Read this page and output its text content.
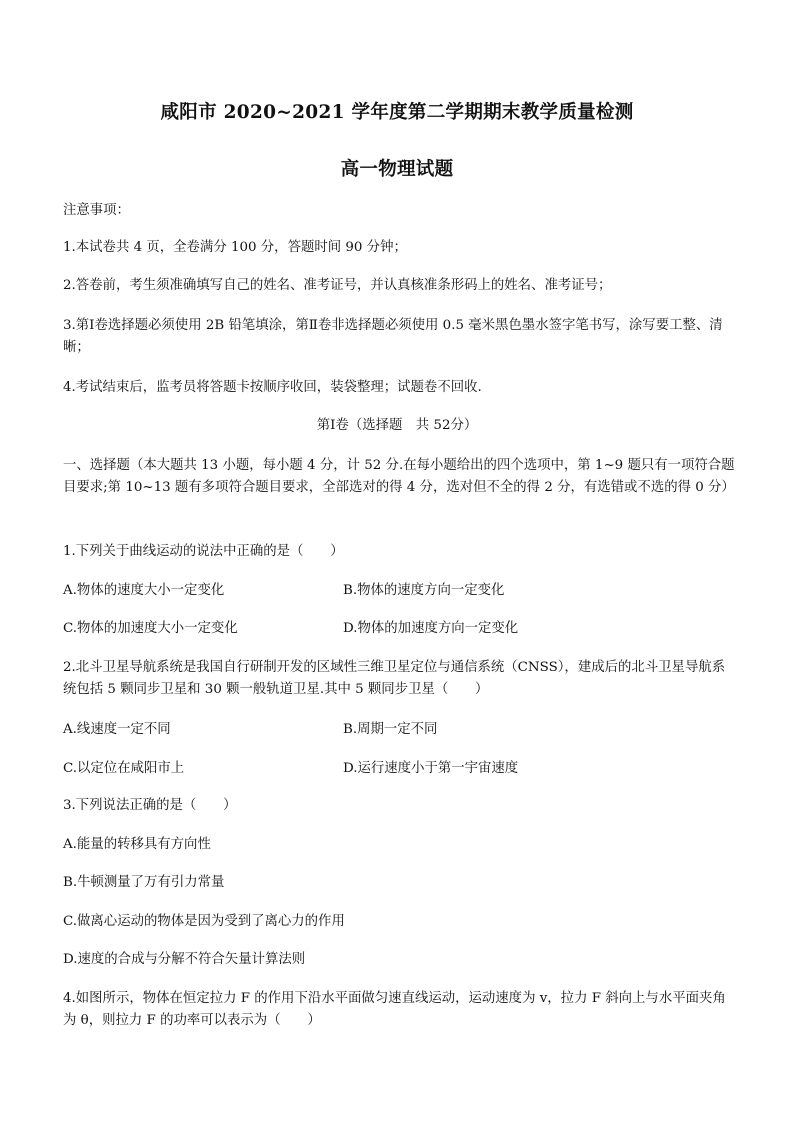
咸阳市 2020~2021 学年度第二学期期末教学质量检测
高一物理试题
注意事项：
1.本试卷共 4 页，全卷满分 100 分，答题时间 90 分钟；
2.答卷前，考生须准确填写自己的姓名、准考证号，并认真核准条形码上的姓名、准考证号；
3.第Ⅰ卷选择题必须使用 2B 铅笔填涂，第Ⅱ卷非选择题必须使用 0.5 毫米黑色墨水签字笔书写，涂写要工整、清晰；
4.考试结束后，监考员将答题卡按顺序收回，装袋整理；试题卷不回收.
第Ⅰ卷（选择题　共 52分）
一、选择题（本大题共 13 小题，每小题 4 分，计 52 分.在每小题给出的四个选项中，第 1~9 题只有一项符合题目要求;第 10~13 题有多项符合题目要求，全部选对的得 4 分，选对但不全的得 2 分，有选错或不选的得 0 分）
1.下列关于曲线运动的说法中正确的是（　　）
A.物体的速度大小一定变化	B.物体的速度方向一定变化
C.物体的加速度大小一定变化	D.物体的加速度方向一定变化
2.北斗卫星导航系统是我国自行研制开发的区域性三维卫星定位与通信系统（CNSS），建成后的北斗卫星导航系统包括 5 颗同步卫星和 30 颗一般轨道卫星.其中 5 颗同步卫星（　　）
A.线速度一定不同	B.周期一定不同
C.以定位在咸阳市上	D.运行速度小于第一宇宙速度
3.下列说法正确的是（　　）
A.能量的转移具有方向性
B.牛顿测量了万有引力常量
C.做离心运动的物体是因为受到了离心力的作用
D.速度的合成与分解不符合矢量计算法则
4.如图所示，物体在恒定拉力 F 的作用下沿水平面做匀速直线运动，运动速度为 v，拉力 F 斜向上与水平面夹角为 θ，则拉力 F 的功率可以表示为（　　）
